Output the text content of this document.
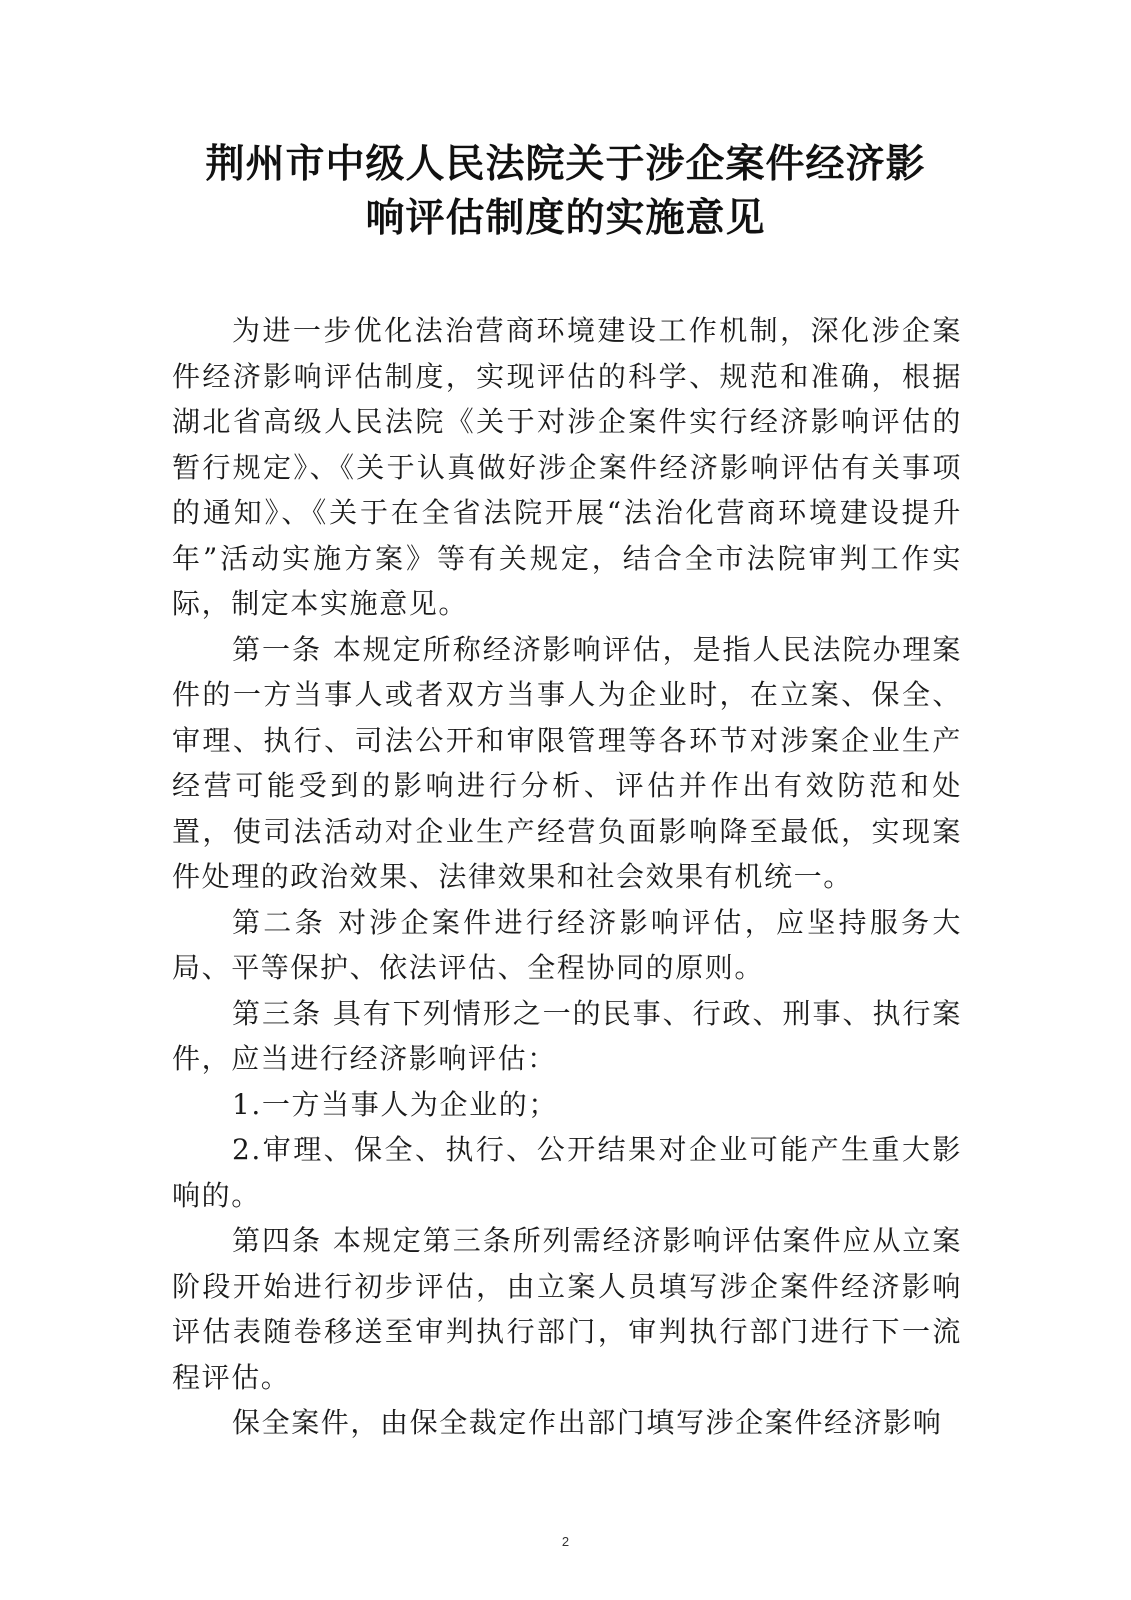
荆州市中级人民法院关于涉企案件经济影
响评估制度的实施意见

为进一步优化法治营商环境建设工作机制，深化涉企案件经济影响评估制度，实现评估的科学、规范和准确，根据湖北省高级人民法院《关于对涉企案件实行经济影响评估的暂行规定》、《关于认真做好涉企案件经济影响评估有关事项的通知》、《关于在全省法院开展“法治化营商环境建设提升年”活动实施方案》等有关规定，结合全市法院审判工作实际，制定本实施意见。

第一条 本规定所称经济影响评估，是指人民法院办理案件的一方当事人或者双方当事人为企业时，在立案、保全、审理、执行、司法公开和审限管理等各环节对涉案企业生产经营可能受到的影响进行分析、评估并作出有效防范和处置，使司法活动对企业生产经营负面影响降至最低，实现案件处理的政治效果、法律效果和社会效果有机统一。

第二条 对涉企案件进行经济影响评估，应坚持服务大局、平等保护、依法评估、全程协同的原则。

第三条 具有下列情形之一的民事、行政、刑事、执行案件，应当进行经济影响评估：

1.一方当事人为企业的；

2.审理、保全、执行、公开结果对企业可能产生重大影响的。

第四条 本规定第三条所列需经济影响评估案件应从立案阶段开始进行初步评估，由立案人员填写涉企案件经济影响评估表随卷移送至审判执行部门，审判执行部门进行下一流程评估。

保全案件，由保全裁定作出部门填写涉企案件经济影响

2
